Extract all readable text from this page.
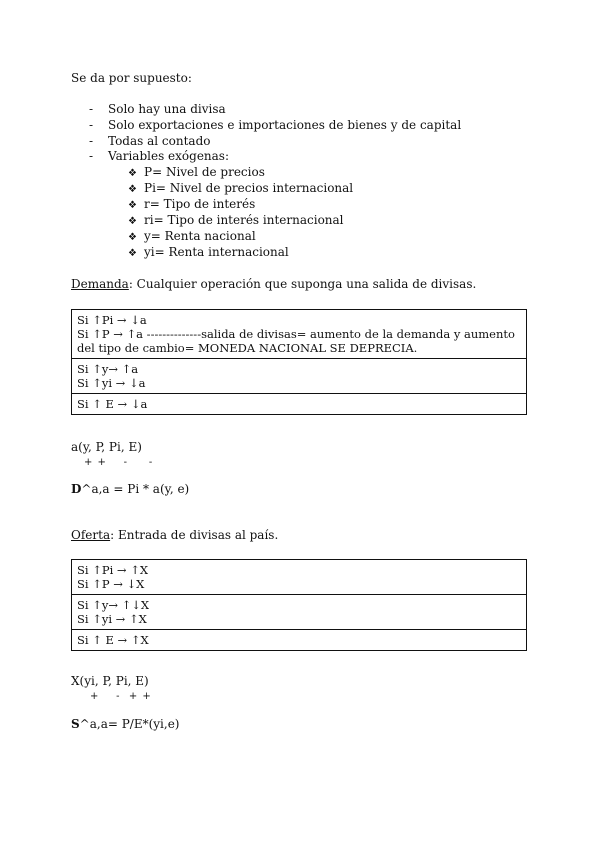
Se da por supuesto:
- Solo hay una divisa
- Solo exportaciones e importaciones de bienes y de capital
- Todas al contado
- Variables exógenas:
❖ P= Nivel de precios
❖ Pi= Nivel de precios internacional
❖ r= Tipo de interés
❖ ri= Tipo de interés internacional
❖ y= Renta nacional
❖ yi= Renta internacional
Demanda: Cualquier operación que suponga una salida de divisas.
Si ↑Pi → ↓a
Si ↑P → ↑a --------------salida de divisas= aumento de la demanda y aumento del tipo de cambio= MONEDA NACIONAL SE DEPRECIA.

Si ↑y→ ↑a
Si ↑yi → ↓a

Si ↑ E → ↓a
a(y, P, Pi, E)
+ +    -     -
D^a,a = Pi * a(y, e)
Oferta: Entrada de divisas al país.
Si ↑Pi → ↑X
Si ↑P → ↓X

Si ↑y→ ↑↓X
Si ↑yi → ↑X

Si ↑ E → ↑X
X(yi, P, Pi, E)
+    -  + +
S^a,a= P/E*(yi,e)
